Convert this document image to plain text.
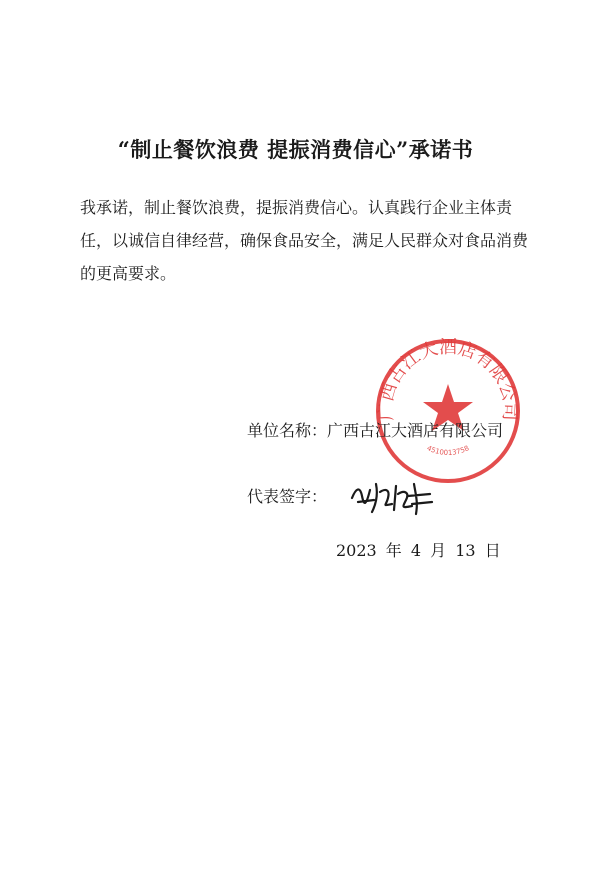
“制止餐饮浪费 提振消费信心”承诺书

我承诺，制止餐饮浪费，提振消费信心。认真践行企业主体责任，以诚信自律经营，确保食品安全，满足人民群众对食品消费的更高要求。

广西古江大酒店有限公司
4510013758
单位名称：广西古江大酒店有限公司
代表签字：
2023 年 4 月 13 日
